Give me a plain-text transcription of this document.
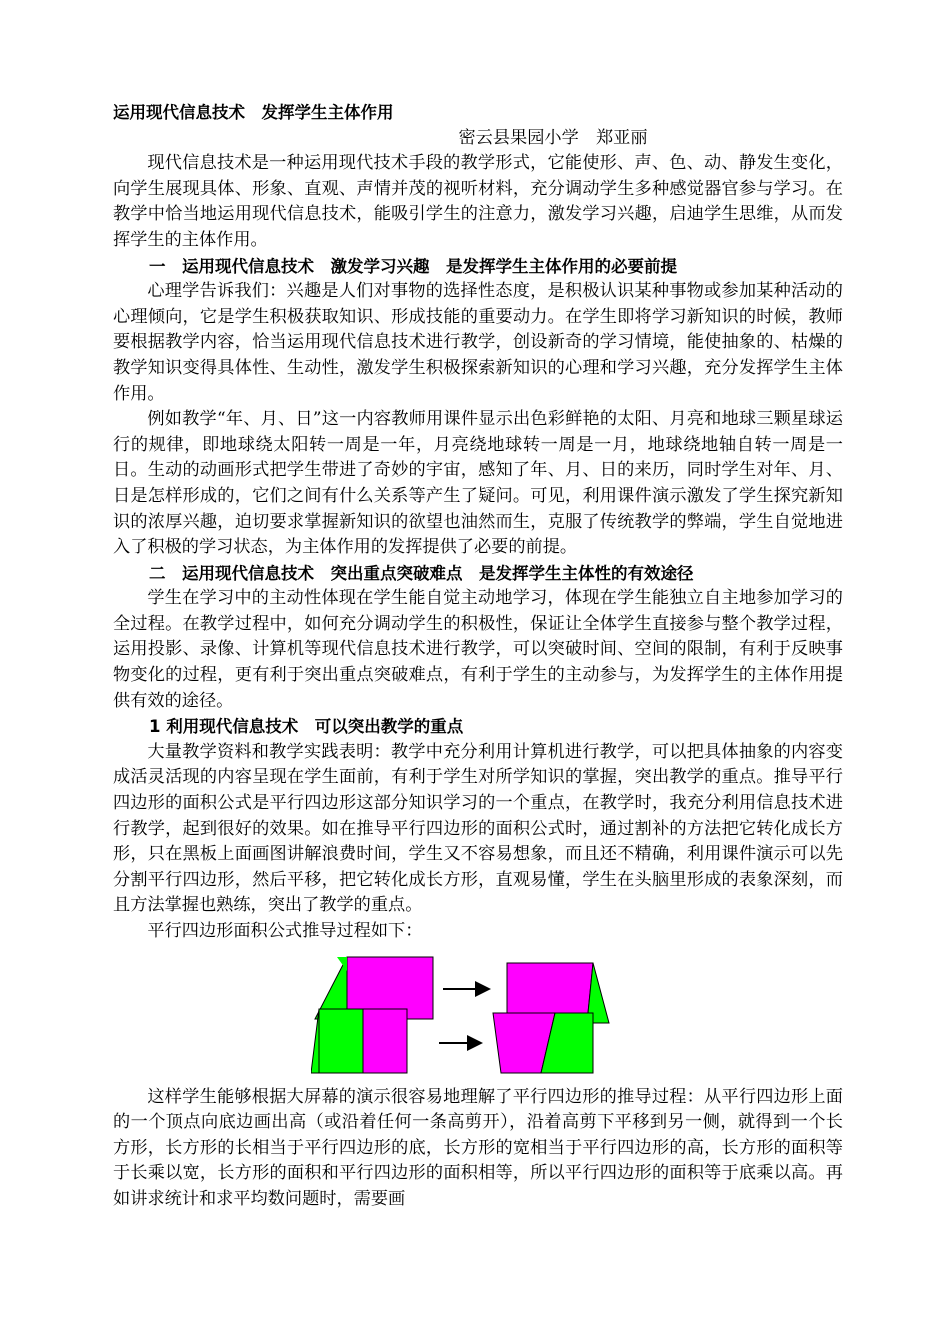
运用现代信息技术　发挥学生主体作用

密云县果园小学　郑亚丽

现代信息技术是一种运用现代技术手段的教学形式，它能使形、声、色、动、静发生变化，向学生展现具体、形象、直观、声情并茂的视听材料，充分调动学生多种感觉器官参与学习。在教学中恰当地运用现代信息技术，能吸引学生的注意力，激发学习兴趣，启迪学生思维，从而发挥学生的主体作用。

一　运用现代信息技术　激发学习兴趣　是发挥学生主体作用的必要前提

心理学告诉我们：兴趣是人们对事物的选择性态度，是积极认识某种事物或参加某种活动的心理倾向，它是学生积极获取知识、形成技能的重要动力。在学生即将学习新知识的时候，教师要根据教学内容，恰当运用现代信息技术进行教学，创设新奇的学习情境，能使抽象的、枯燥的教学知识变得具体性、生动性，激发学生积极探索新知识的心理和学习兴趣，充分发挥学生主体作用。

例如教学“年、月、日”这一内容教师用课件显示出色彩鲜艳的太阳、月亮和地球三颗星球运行的规律，即地球绕太阳转一周是一年，月亮绕地球转一周是一月，地球绕地轴自转一周是一日。生动的动画形式把学生带进了奇妙的宇宙，感知了年、月、日的来历，同时学生对年、月、日是怎样形成的，它们之间有什么关系等产生了疑问。可见，利用课件演示激发了学生探究新知识的浓厚兴趣，迫切要求掌握新知识的欲望也油然而生，克服了传统教学的弊端，学生自觉地进入了积极的学习状态，为主体作用的发挥提供了必要的前提。

二　运用现代信息技术　突出重点突破难点　是发挥学生主体性的有效途径

学生在学习中的主动性体现在学生能自觉主动地学习，体现在学生能独立自主地参加学习的全过程。在教学过程中，如何充分调动学生的积极性，保证让全体学生直接参与整个教学过程，运用投影、录像、计算机等现代信息技术进行教学，可以突破时间、空间的限制，有利于反映事物变化的过程，更有利于突出重点突破难点，有利于学生的主动参与，为发挥学生的主体作用提供有效的途径。

1 利用现代信息技术　可以突出教学的重点

大量教学资料和教学实践表明：教学中充分利用计算机进行教学，可以把具体抽象的内容变成活灵活现的内容呈现在学生面前，有利于学生对所学知识的掌握，突出教学的重点。推导平行四边形的面积公式是平行四边形这部分知识学习的一个重点，在教学时，我充分利用信息技术进行教学，起到很好的效果。如在推导平行四边形的面积公式时，通过割补的方法把它转化成长方形，只在黑板上面画图讲解浪费时间，学生又不容易想象，而且还不精确，利用课件演示可以先分割平行四边形，然后平移，把它转化成长方形，直观易懂，学生在头脑里形成的表象深刻，而且方法掌握也熟练，突出了教学的重点。

平行四边形面积公式推导过程如下：

这样学生能够根据大屏幕的演示很容易地理解了平行四边形的推导过程：从平行四边形上面的一个顶点向底边画出高（或沿着任何一条高剪开），沿着高剪下平移到另一侧，就得到一个长方形，长方形的长相当于平行四边形的底，长方形的宽相当于平行四边形的高，长方形的面积等于长乘以宽，长方形的面积和平行四边形的面积相等，所以平行四边形的面积等于底乘以高。再如讲求统计和求平均数问题时，需要画
